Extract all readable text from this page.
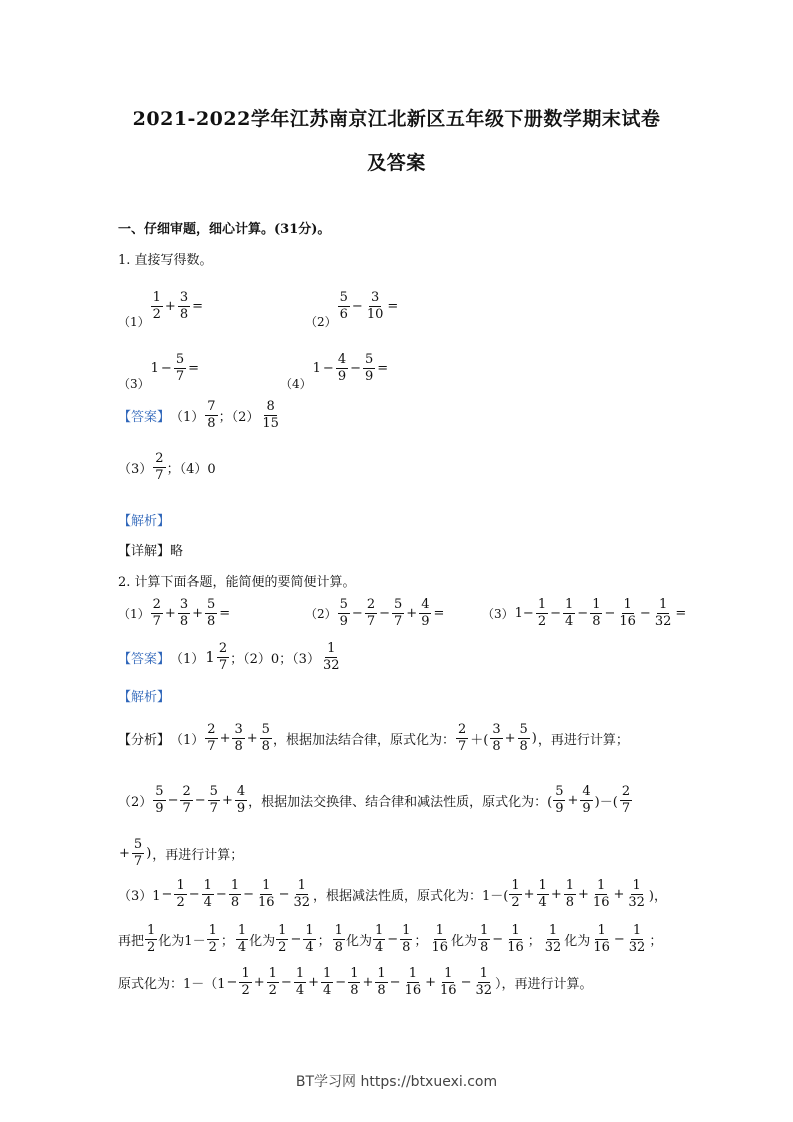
2021-2022学年江苏南京江北新区五年级下册数学期末试卷
及答案
一、仔细审题，细心计算。(31分)。
1. 直接写得数。
（1）
$\frac{1}{2} + \frac{3}{8}$ =
（2）
$\frac{5}{6} - \frac{3}{10}$ =
（3）
$1 - \frac{5}{7}$ =
（4）
$1 - \frac{4}{9} - \frac{5}{9}$ =
【答案】 $(1) \frac{7}{8}$ ；$(2) \frac{8}{15}$
$(3) \frac{2}{7}$ ；（4）0
【解析】
【详解】略
2. 计算下面各题，能简便的要简便计算。
$(1) \frac{2}{7} + \frac{3}{8} + \frac{5}{8}$ =	$(2) \frac{5}{9} - \frac{2}{7} - \frac{5}{7} + \frac{4}{9}$ =	（3） $1- \frac{1}{2} - \frac{1}{4} - \frac{1}{8} - \frac{1}{16} - \frac{1}{32}$ =
【答案】 （1） $1 \frac{2}{7}$ ；（2）0；$(3) \frac{1}{32}$
【解析】
【分析】 $(1) \frac{2}{7} + \frac{3}{8} + \frac{5}{8}$ ，根据加法结合律，原式化为： $\frac{2}{7}$ ＋( $\frac{3}{8} + \frac{5}{8}$ ) ，再进行计算；
$(2) \frac{5}{9} - \frac{2}{7} - \frac{5}{7} + \frac{4}{9}$ ，根据加法交换律、结合律和减法性质，原式化为：( $\frac{5}{9} + \frac{4}{9}$ )－( $\frac{2}{7}$
+ $\frac{5}{7}$ ) ，再进行计算；
$(3)1 - \frac{1}{2} - \frac{1}{4} - \frac{1}{8} - \frac{1}{16} - \frac{1}{32}$ ，根据减法性质，原式化为：$1-( \frac{1}{2} + \frac{1}{4} + \frac{1}{8} + \frac{1}{16} + \frac{1}{32}$ )，
再把 $\frac{1}{2}$ 化为$1- \frac{1}{2}$ ； $\frac{1}{4}$ 化为 $\frac{1}{2} - \frac{1}{4}$ ； $\frac{1}{8}$ 化为 $\frac{1}{4} - \frac{1}{8}$ ； $\frac{1}{16}$ 化为 $\frac{1}{8} - \frac{1}{16}$ ； $\frac{1}{32}$ 化为 $\frac{1}{16} - \frac{1}{32}$ ；
原式化为：$1-(1 - \frac{1}{2} + \frac{1}{2} - \frac{1}{4} + \frac{1}{4} - \frac{1}{8} + \frac{1}{8} - \frac{1}{16} + \frac{1}{16} - \frac{1}{32}$ ），再进行计算。
BT学习网 https://btxuexi.com
